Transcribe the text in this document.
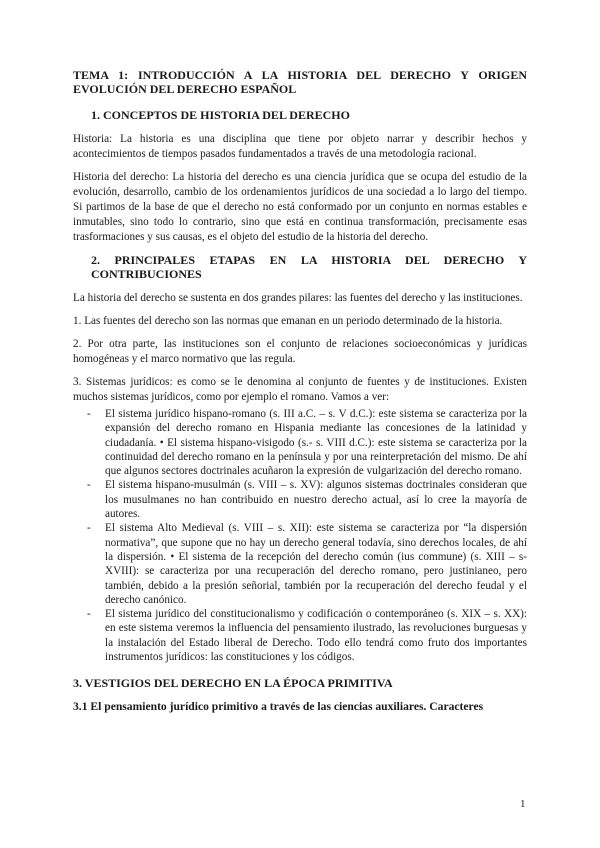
TEMA 1: INTRODUCCIÓN A LA HISTORIA DEL DERECHO Y ORIGEN EVOLUCIÓN DEL DERECHO ESPAÑOL
1. CONCEPTOS DE HISTORIA DEL DERECHO

Historia: La historia es una disciplina que tiene por objeto narrar y describir hechos y acontecimientos de tiempos pasados fundamentados a través de una metodología racional.

Historia del derecho: La historia del derecho es una ciencia jurídica que se ocupa del estudio de la evolución, desarrollo, cambio de los ordenamientos jurídicos de una sociedad a lo largo del tiempo. Si partimos de la base de que el derecho no está conformado por un conjunto en normas estables e inmutables, sino todo lo contrario, sino que está en continua transformación, precisamente esas trasformaciones y sus causas, es el objeto del estudio de la historia del derecho.

2. PRINCIPALES ETAPAS EN LA HISTORIA DEL DERECHO Y CONTRIBUCIONES

La historia del derecho se sustenta en dos grandes pilares: las fuentes del derecho y las instituciones.

1. Las fuentes del derecho son las normas que emanan en un periodo determinado de la historia.

2. Por otra parte, las instituciones son el conjunto de relaciones socioeconómicas y jurídicas homogéneas y el marco normativo que las regula.

3. Sistemas jurídicos: es como se le denomina al conjunto de fuentes y de instituciones. Existen muchos sistemas jurídicos, como por ejemplo el romano. Vamos a ver:

- El sistema jurídico hispano-romano (s. III a.C. – s. V d.C.): este sistema se caracteriza por la expansión del derecho romano en Hispania mediante las concesiones de la latinidad y ciudadanía. • El sistema hispano-visigodo (s.- s. VIII d.C.): este sistema se caracteriza por la continuidad del derecho romano en la península y por una reinterpretación del mismo. De ahí que algunos sectores doctrinales acuñaron la expresión de vulgarización del derecho romano.
- El sistema hispano-musulmán (s. VIII – s. XV): algunos sistemas doctrinales consideran que los musulmanes no han contribuido en nuestro derecho actual, así lo cree la mayoría de autores.
- El sistema Alto Medieval (s. VIII – s. XII): este sistema se caracteriza por “la dispersión normativa”, que supone que no hay un derecho general todavía, sino derechos locales, de ahí la dispersión. • El sistema de la recepción del derecho común (ius commune) (s. XIII – s- XVIII): se caracteriza por una recuperación del derecho romano, pero justinianeo, pero también, debido a la presión señorial, también por la recuperación del derecho feudal y el derecho canónico.
- El sistema jurídico del constitucionalismo y codificación o contemporáneo (s. XIX – s. XX): en este sistema veremos la influencia del pensamiento ilustrado, las revoluciones burguesas y la instalación del Estado liberal de Derecho. Todo ello tendrá como fruto dos importantes instrumentos jurídicos: las constituciones y los códigos.
3. VESTIGIOS DEL DERECHO EN LA ÉPOCA PRIMITIVA
3.1 El pensamiento jurídico primitivo a través de las ciencias auxiliares. Caracteres
1
